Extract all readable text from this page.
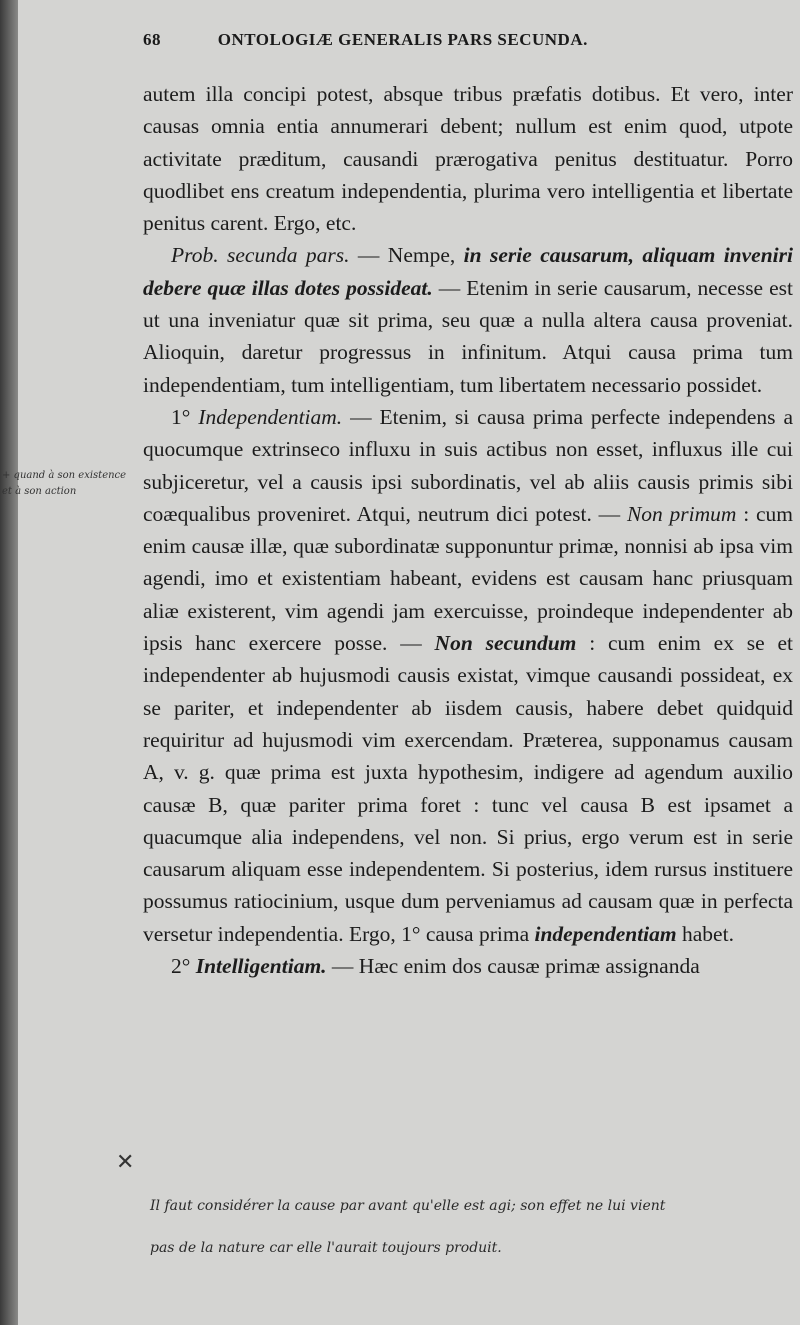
68	ONTOLOGIÆ GENERALIS PARS SECUNDA.

autem illa concipi potest, absque tribus præfatis dotibus. Et vero, inter causas omnia entia annumerari debent; nullum est enim quod, utpote activitate præditum, causandi prærogativa penitus destituatur. Porro quodlibet ens creatum independentia, plurima vero intelligentia et libertate penitus carent. Ergo, etc.

Prob. secunda pars. — Nempe, in serie causarum, aliquam inveniri debere quæ illas dotes possideat. — Etenim in serie causarum, necesse est ut una inveniatur quæ sit prima, seu quæ a nulla altera causa proveniat. Alioquin, daretur progressus in infinitum. Atqui causa prima tum independentiam, tum intelligentiam, tum libertatem necessario possidet.

1° Independentiam. — Etenim, si causa prima perfecte independens a quocumque extrinseco influxu in suis actibus non esset, influxus ille cui subjiceretur, vel a causis ipsi subordinatis, vel ab aliis causis primis sibi coæqualibus proveniret. Atqui, neutrum dici potest. — Non primum : cum enim causæ illæ, quæ subordinatæ supponuntur primæ, nonnisi ab ipsa vim agendi, imo et existentiam habeant, evidens est causam hanc priusquam aliæ existerent, vim agendi jam exercuisse, proindeque independenter ab ipsis hanc exercere posse. — Non secundum : cum enim ex se et independenter ab hujusmodi causis existat, vimque causandi possideat, ex se pariter, et independenter ab iisdem causis, habere debet quidquid requiritur ad hujusmodi vim exercendam. Præterea, supponamus causam A, v. g. quæ prima est juxta hypothesim, indigere ad agendum auxilio causæ B, quæ pariter prima foret : tunc vel causa B est ipsamet a quacumque alia independens, vel non. Si prius, ergo verum est in serie causarum aliquam esse independentem. Si posterius, idem rursus instituere possumus ratiocinium, usque dum perveniamus ad causam quæ in perfecta versetur independentia. Ergo, 1° causa prima independentiam habet.

2° Intelligentiam. — Hæc enim dos causæ primæ assignanda

+ quand à son existence
et à son action
✕
Il faut considérer la cause par avant qu'elle est agi; son effet ne lui vient
pas de la nature car elle l'aurait toujours produit.
